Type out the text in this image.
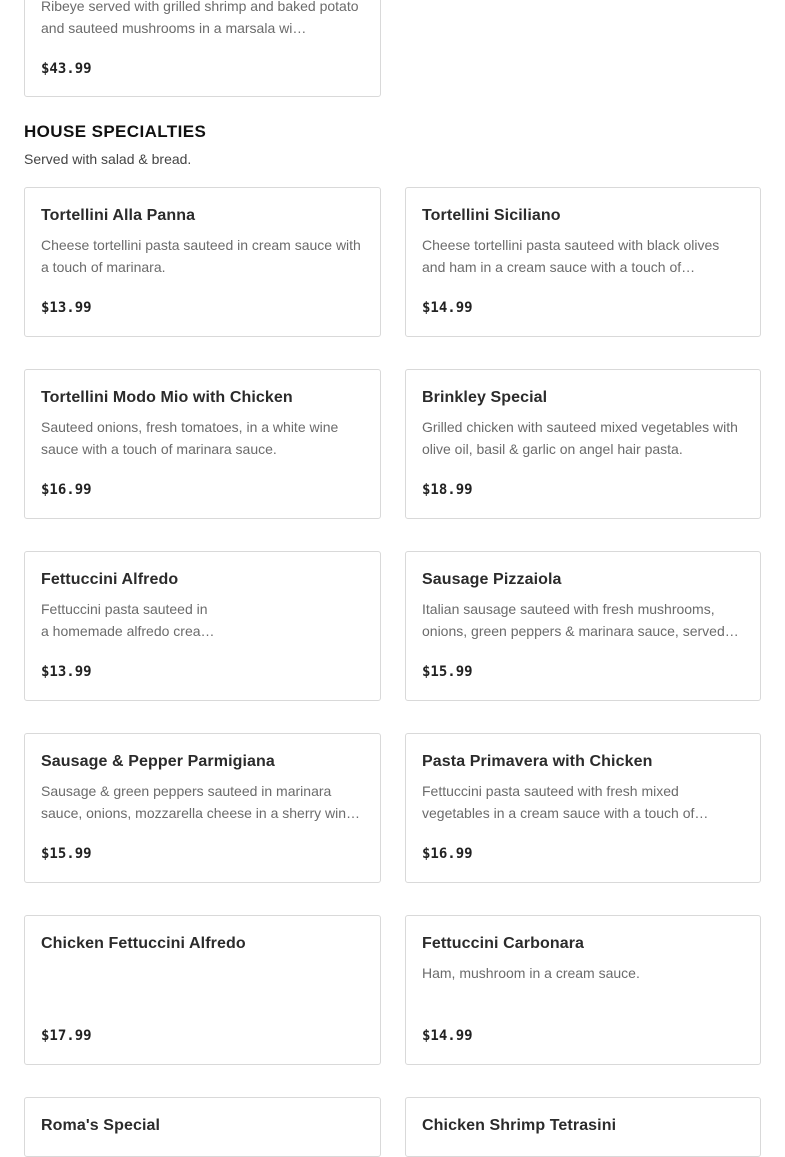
Ribeye served with grilled shrimp and baked potato and sauteed mushrooms in a marsala wi…
$43.99
HOUSE SPECIALTIES
Served with salad & bread.
Tortellini Alla Panna
Cheese tortellini pasta sauteed in cream sauce with a touch of marinara.
$13.99
Tortellini Siciliano
Cheese tortellini pasta sauteed with black olives and ham in a cream sauce with a touch of…
$14.99
Tortellini Modo Mio with Chicken
Sauteed onions, fresh tomatoes, in a white wine sauce with a touch of marinara sauce.
$16.99
Brinkley Special
Grilled chicken with sauteed mixed vegetables with olive oil, basil & garlic on angel hair pasta.
$18.99
Fettuccini Alfredo
Fettuccini pasta sauteed in
a homemade alfredo crea…
$13.99
Sausage Pizzaiola
Italian sausage sauteed with fresh mushrooms, onions, green peppers & marinara sauce, served…
$15.99
Sausage & Pepper Parmigiana
Sausage & green peppers sauteed in marinara sauce, onions, mozzarella cheese in a sherry win…
$15.99
Pasta Primavera with Chicken
Fettuccini pasta sauteed with fresh mixed vegetables in a cream sauce with a touch of…
$16.99
Chicken Fettuccini Alfredo
$17.99
Fettuccini Carbonara
Ham, mushroom in a cream sauce.
$14.99
Roma's Special	Chicken Shrimp Tetrasini
